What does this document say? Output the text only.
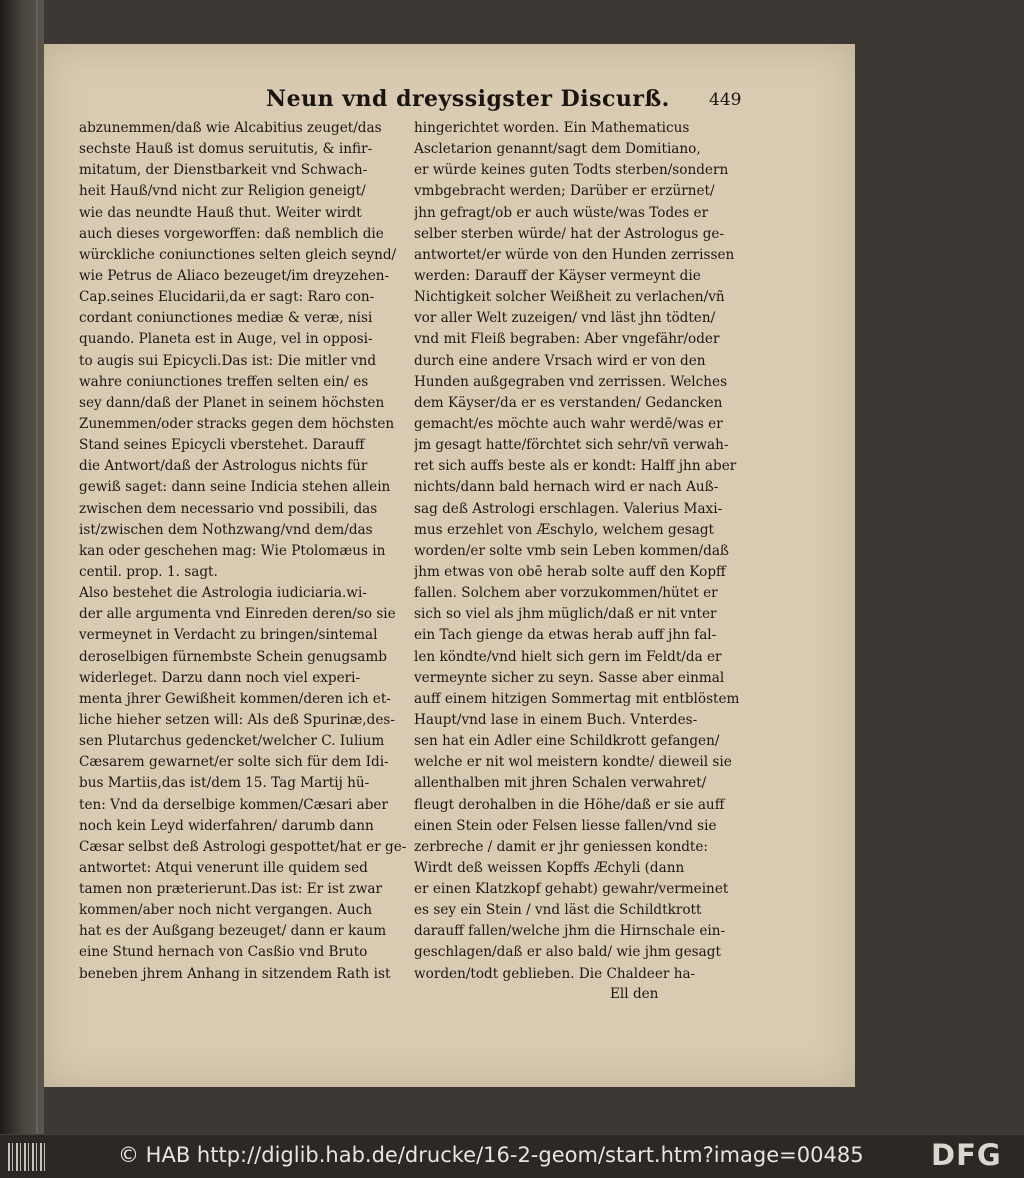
Neun vnd dreyssigster Discurß. 449
abzunemmen/daß wie Alcabitius zeuget/das
sechste Hauß ist domus seruitutis, & infir-
mitatum, der Dienstbarkeit vnd Schwach-
heit Hauß/vnd nicht zur Religion geneigt/
wie das neundte Hauß thut. Weiter wirdt
auch dieses vorgeworffen: daß nemblich die
würckliche coniunctiones selten gleich seynd/
wie Petrus de Aliaco bezeuget/im dreyzehen-
Cap.seines Elucidarii,da er sagt: Raro con-
cordant coniunctiones mediæ & veræ, nisi
quando. Planeta est in Auge, vel in opposi-
to augis sui Epicycli.Das ist: Die mitler vnd
wahre coniunctiones treffen selten ein/ es
sey dann/daß der Planet in seinem höchsten
Zunemmen/oder stracks gegen dem höchsten
Stand seines Epicycli vberstehet. Darauff
die Antwort/daß der Astrologus nichts für
gewiß saget: dann seine Indicia stehen allein
zwischen dem necessario vnd possibili, das
ist/zwischen dem Nothzwang/vnd dem/das
kan oder geschehen mag: Wie Ptolomæus in
centil. prop. 1. sagt.
Also bestehet die Astrologia iudiciaria.wi-
der alle argumenta vnd Einreden deren/so sie
vermeynet in Verdacht zu bringen/sintemal
deroselbigen fürnembste Schein genugsamb
widerleget. Darzu dann noch viel experi-
menta jhrer Gewißheit kommen/deren ich et-
liche hieher setzen will: Als deß Spurinæ,des-
sen Plutarchus gedencket/welcher C. Iulium
Cæsarem gewarnet/er solte sich für dem Idi-
bus Martiis,das ist/dem 15. Tag Martij hü-
ten: Vnd da derselbige kommen/Cæsari aber
noch kein Leyd widerfahren/ darumb dann
Cæsar selbst deß Astrologi gespottet/hat er ge-
antwortet: Atqui venerunt ille quidem sed
tamen non præterierunt.Das ist: Er ist zwar
kommen/aber noch nicht vergangen. Auch
hat es der Außgang bezeuget/ dann er kaum
eine Stund hernach von Casßio vnd Bruto
beneben jhrem Anhang in sitzendem Rath ist
hingerichtet worden. Ein Mathematicus
Ascletarion genannt/sagt dem Domitiano,
er würde keines guten Todts sterben/sondern
vmbgebracht werden; Darüber er erzürnet/
jhn gefragt/ob er auch wüste/was Todes er
selber sterben würde/ hat der Astrologus ge-
antwortet/er würde von den Hunden zerrissen
werden: Darauff der Käyser vermeynt die
Nichtigkeit solcher Weißheit zu verlachen/vñ
vor aller Welt zuzeigen/ vnd läst jhn tödten/
vnd mit Fleiß begraben: Aber vngefähr/oder
durch eine andere Vrsach wird er von den
Hunden außgegraben vnd zerrissen. Welches
dem Käyser/da er es verstanden/ Gedancken
gemacht/es möchte auch wahr werdē/was er
jm gesagt hatte/förchtet sich sehr/vñ verwah-
ret sich auffs beste als er kondt: Halff jhn aber
nichts/dann bald hernach wird er nach Auß-
sag deß Astrologi erschlagen. Valerius Maxi-
mus erzehlet von Æschylo, welchem gesagt
worden/er solte vmb sein Leben kommen/daß
jhm etwas von obē herab solte auff den Kopff
fallen. Solchem aber vorzukommen/hütet er
sich so viel als jhm müglich/daß er nit vnter
ein Tach gienge da etwas herab auff jhn fal-
len köndte/vnd hielt sich gern im Feldt/da er
vermeynte sicher zu seyn. Sasse aber einmal
auff einem hitzigen Sommertag mit entblöstem
Haupt/vnd lase in einem Buch. Vnterdes-
sen hat ein Adler eine Schildkrott gefangen/
welche er nit wol meistern kondte/ dieweil sie
allenthalben mit jhren Schalen verwahret/
fleugt derohalben in die Höhe/daß er sie auff
einen Stein oder Felsen liesse fallen/vnd sie
zerbreche / damit er jhr geniessen kondte:
Wirdt deß weissen Kopffs Æchyli (dann
er einen Klatzkopf gehabt) gewahr/vermeinet
es sey ein Stein / vnd läst die Schildtkrott
darauff fallen/welche jhm die Hirnschale ein-
geschlagen/daß er also bald/ wie jhm gesagt
worden/todt geblieben. Die Chaldeer ha-
Ell den
© HAB http://diglib.hab.de/drucke/16-2-geom/start.htm?image=00485 DFG
